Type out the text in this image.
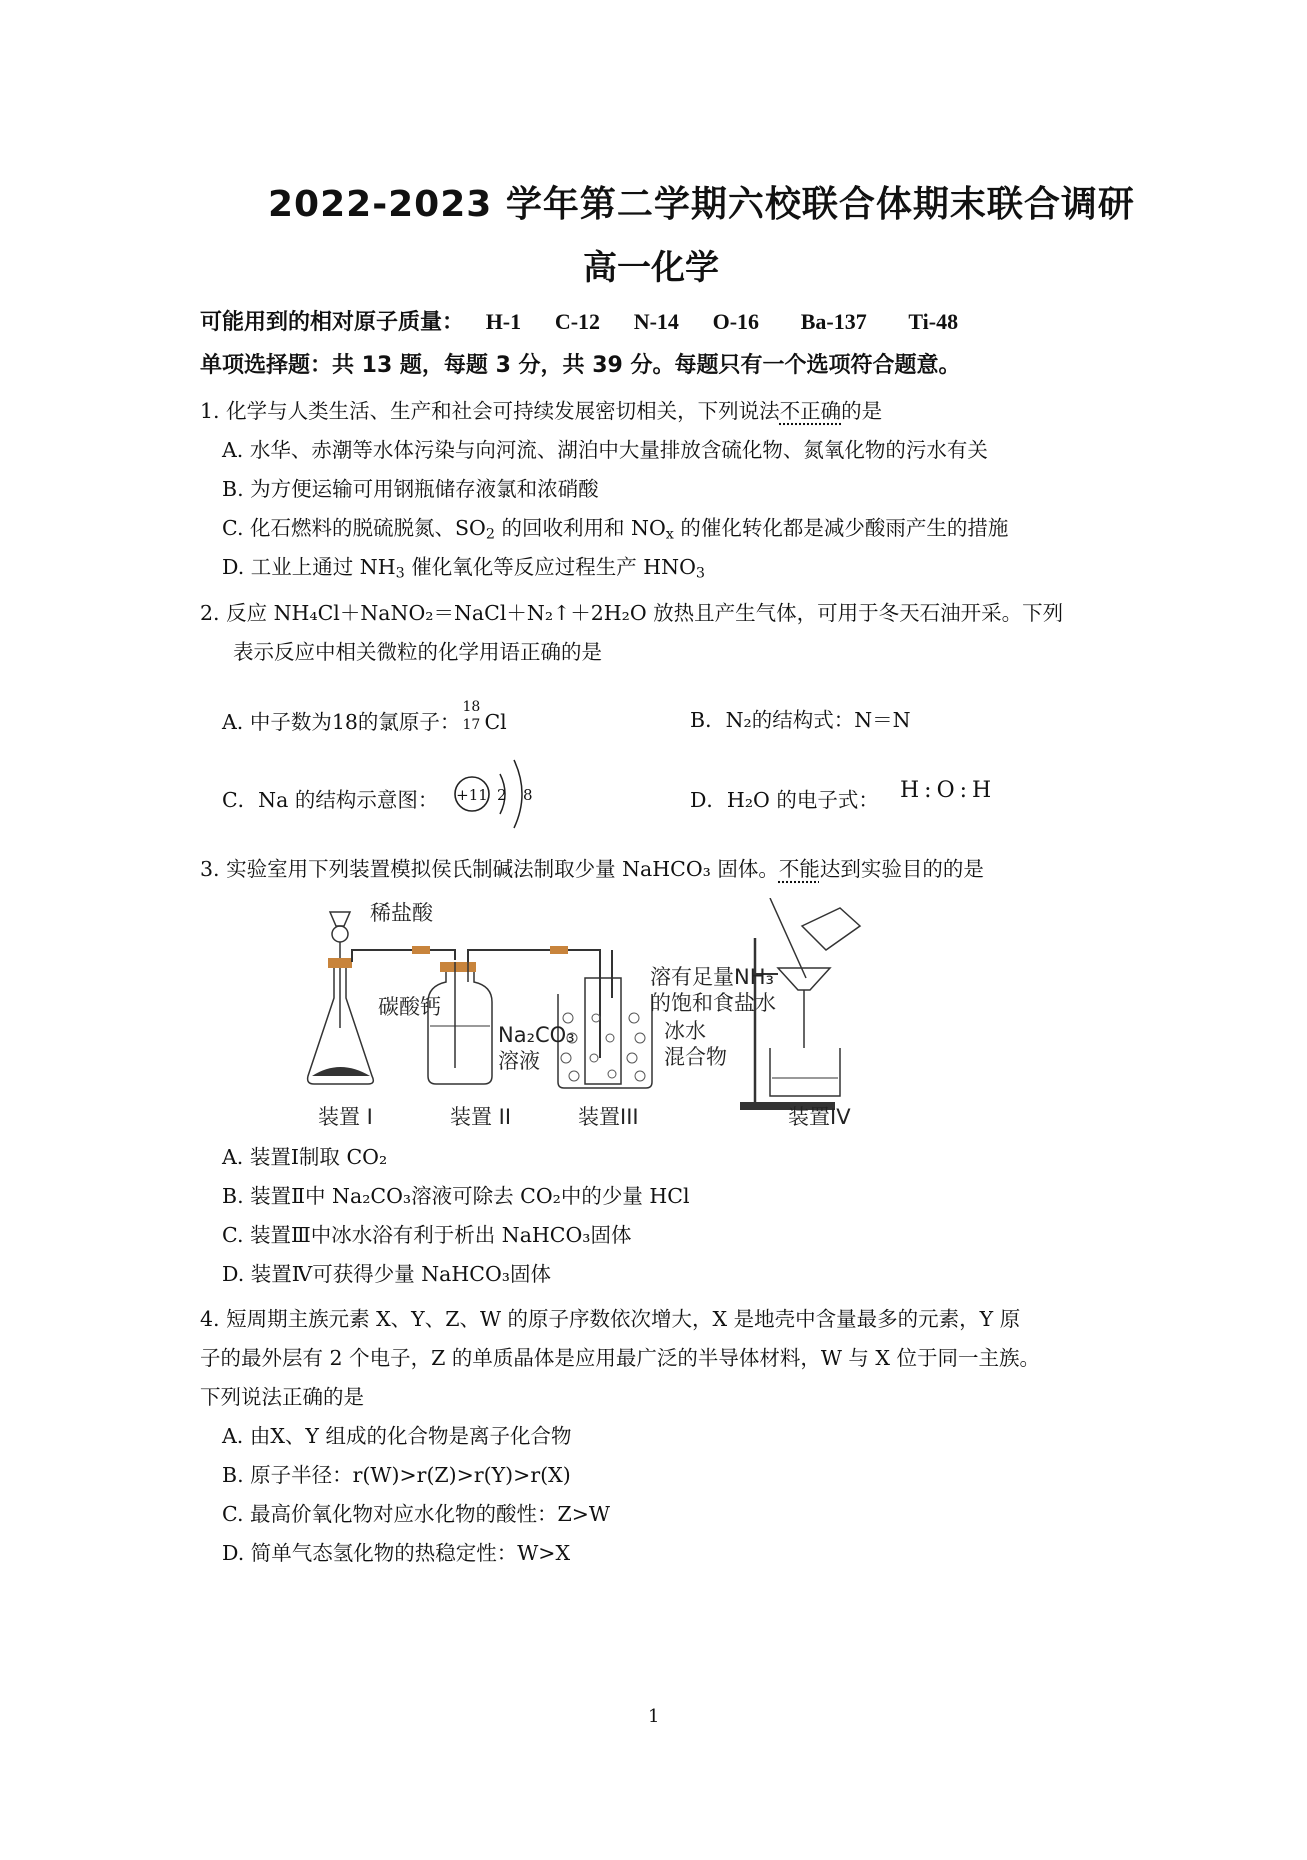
2022-2023 学年第二学期六校联合体期末联合调研
高一化学
可能用到的相对原子质量： H-1 C-12 N-14 O-16 Ba-137 Ti-48
单项选择题：共 13 题，每题 3 分，共 39 分。每题只有一个选项符合题意。
1. 化学与人类生活、生产和社会可持续发展密切相关，下列说法不正确的是
A. 水华、赤潮等水体污染与向河流、湖泊中大量排放含硫化物、氮氧化物的污水有关
B. 为方便运输可用钢瓶储存液氯和浓硝酸
C. 化石燃料的脱硫脱氮、$SO_2$ 的回收利用和 $NO_x$ 的催化转化都是减少酸雨产生的措施
D. 工业上通过 $NH_3$ 催化氧化等反应过程生产 $HNO_3$
2. 反应 NH₄Cl＋NaNO₂＝NaCl＋N₂↑＋2H₂O 放热且产生气体，可用于冬天石油开采。下列
表示反应中相关微粒的化学用语正确的是
A. 中子数为18的氯原子：
18
17 Cl	B．N₂的结构式：N＝N
C．Na 的结构示意图： +11 2 8	D．H₂O 的电子式： H:O:H
3. 实验室用下列装置模拟侯氏制碱法制取少量 NaHCO₃ 固体。不能达到实验目的的是
稀盐酸
碳酸钙
Na₂CO₃
溶液
溶有足量NH₃
的饱和食盐水
冰水
混合物
装置 I	装置 II	装置III	装置IV
A. 装置Ⅰ制取 CO₂
B. 装置Ⅱ中 Na₂CO₃溶液可除去 CO₂中的少量 HCl
C. 装置Ⅲ中冰水浴有利于析出 NaHCO₃固体
D. 装置Ⅳ可获得少量 NaHCO₃固体
4. 短周期主族元素 X、Y、Z、W 的原子序数依次增大，X 是地壳中含量最多的元素，Y 原
子的最外层有 2 个电子，Z 的单质晶体是应用最广泛的半导体材料，W 与 X 位于同一主族。
下列说法正确的是
A. 由X、Y 组成的化合物是离子化合物
B. 原子半径：r(W)>r(Z)>r(Y)>r(X)
C. 最高价氧化物对应水化物的酸性：Z>W
D. 简单气态氢化物的热稳定性：W>X
1
